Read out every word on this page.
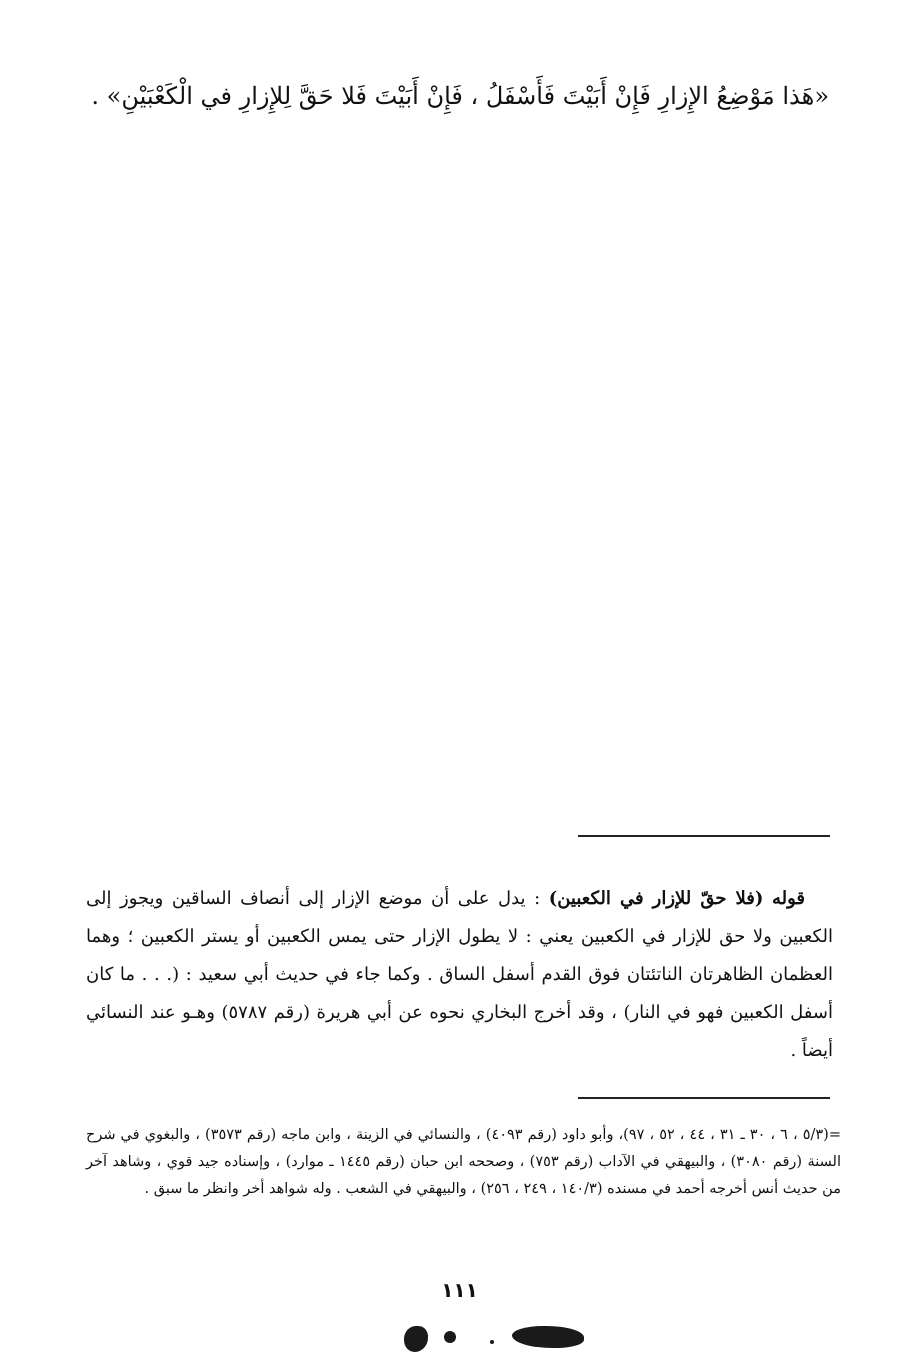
«هَذا مَوْضِعُ الإِزارِ فَإِنْ أَبَيْتَ فَأَسْفَلُ ، فَإِنْ أَبَيْتَ فَلا حَقَّ لِلإِزارِ في الْكَعْبَيْنِ» .
قوله (فلا حقّ للإزار في الكعبين) : يدل على أن موضع الإزار إلى أنصاف الساقين ويجوز إلى الكعبين ولا حق للإزار في الكعبين يعني : لا يطول الإزار حتى يمس الكعبين أو يستر الكعبين ؛ وهما العظمان الظاهرتان الناتئتان فوق القدم أسفل الساق . وكما جاء في حديث أبي سعيد : (. . . ما كان أسفل الكعبين فهو في النار) ، وقد أخرج البخاري نحوه عن أبي هريرة (رقم ٥٧٨٧) وهـو عند النسائي أيضاً .
=(٥/٣ ، ٦ ، ٣٠ ـ ٣١ ، ٤٤ ، ٥٢ ، ٩٧)، وأبو داود (رقم ٤٠٩٣) ، والنسائي في الزينة ، وابن ماجه (رقم ٣٥٧٣) ، والبغوي في شرح السنة (رقم ٣٠٨٠) ، والبيهقي في الآداب (رقم ٧٥٣) ، وصححه ابن حبان (رقم ١٤٤٥ ـ موارد) ، وإسناده جيد قوي ، وشاهد آخر من حديث أنس أخرجه أحمد في مسنده (١٤٠/٣ ، ٢٤٩ ، ٢٥٦) ، والبيهقي في الشعب . وله شواهد أخر وانظر ما سبق .
١١١
